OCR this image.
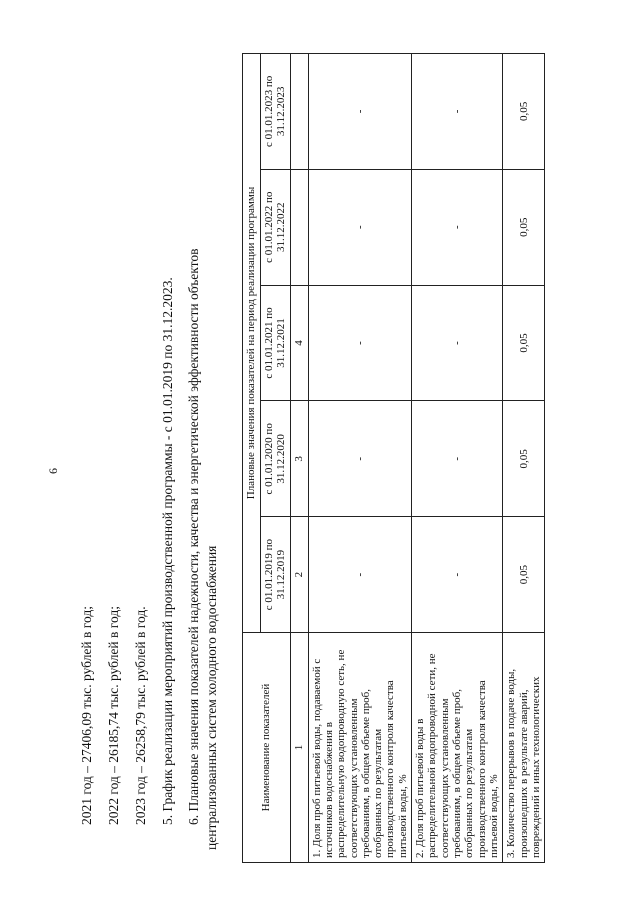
6
2021 год – 27406,09 тыс. рублей в год; 2022 год – 26185,74 тыс. рублей в год; 2023 год – 26258,79 тыс. рублей в год. 5. График реализации мероприятий производственной программы - с 01.01.2019 по 31.12.2023. 6. Плановые значения показателей надежности, качества и энергетической эффективности объектов централизованных систем холодного водоснабжения	Наименование показателей	Плановые значения показателей на период реализации программы				
	с 01.01.2019 по 31.12.2019	с 01.01.2020 по 31.12.2020	с 01.01.2021 по 31.12.2021	с 01.01.2022 по 31.12.2022	с 01.01.2023 по 31.12.2023
1	2	3	4		
1. Доля проб питьевой воды, подаваемой с источников водоснабжения в распределительную водопроводную сеть, не соответствующих установленным требованиям, в общем объеме проб, отобранных по результатам производственного контроля качества питьевой воды, %	-	-	-	-	-
2. Доля проб питьевой воды в распределительной водопроводной сети, не соответствующих установленным требованиям, в общем объеме проб, отобранных по результатам производственного контроля качества питьевой воды, %	-	-	-	-	-
3. Количество перерывов в подаче воды, произошедших в результате аварий, повреждений и иных технологических	0,05	0,05	0,05	0,05	0,05
